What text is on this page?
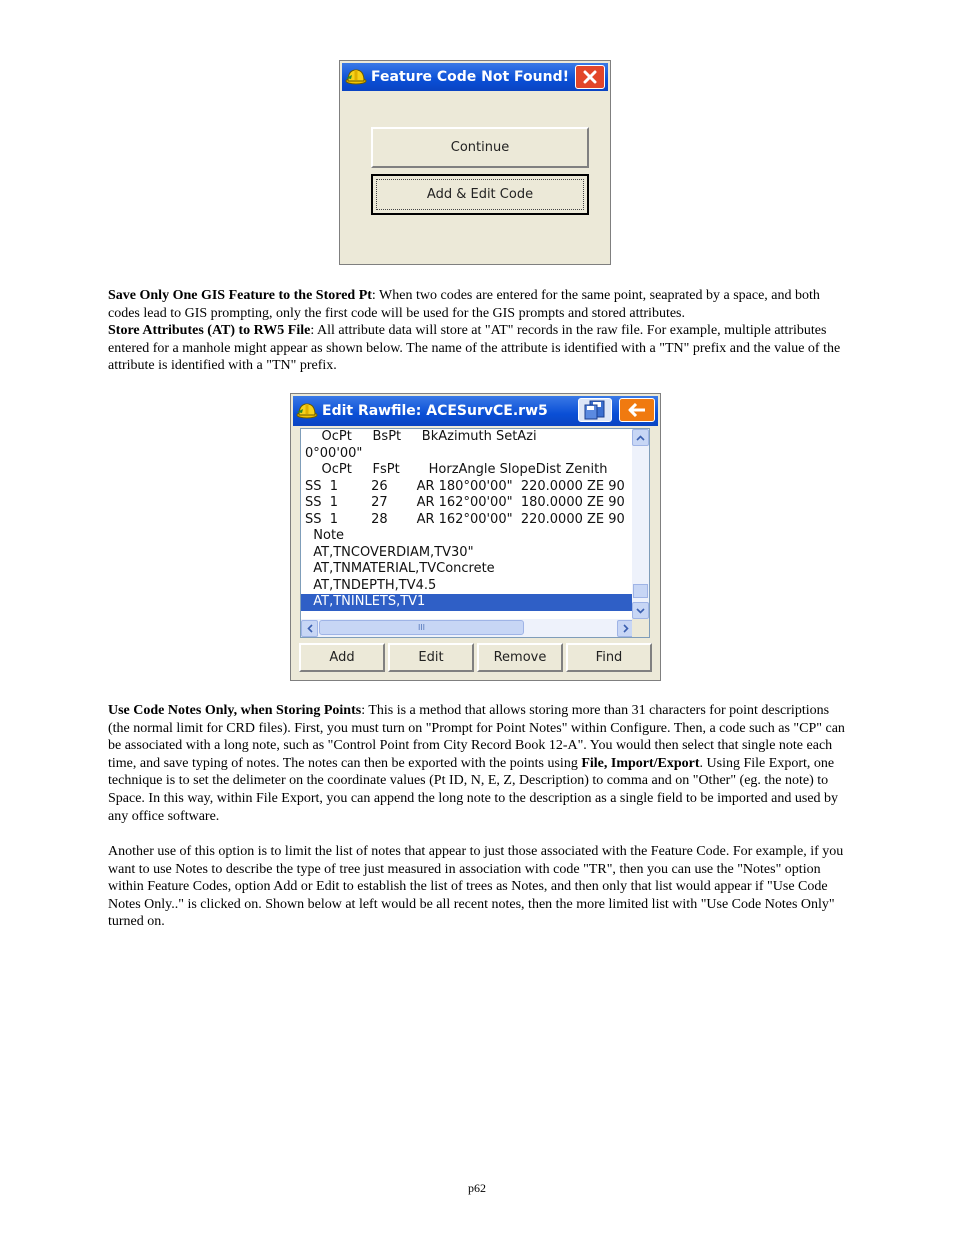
Feature Code Not Found!
Continue
Add & Edit Code

Save Only One GIS Feature to the Stored Pt: When two codes are entered for the same point, seaprated by a space, and both codes lead to GIS prompting, only the first code will be used for the GIS prompts and stored attributes.
Store Attributes (AT) to RW5 File: All attribute data will store at "AT" records in the raw file. For example, multiple attributes entered for a manhole might appear as shown below. The name of the attribute is identified with a "TN" prefix and the value of the attribute is identified with a "TN" prefix.

Edit Rawfile: ACESurvCE.rw5
OcPt     BsPt     BkAzimuth SetAzi
0°00'00"
OcPt     FsPt       HorzAngle SlopeDist Zenith
SS  1        26       AR 180°00'00"  220.0000 ZE 90
SS  1        27       AR 162°00'00"  180.0000 ZE 90
SS  1        28       AR 162°00'00"  220.0000 ZE 90
Note
AT,TNCOVERDIAM,TV30"
AT,TNMATERIAL,TVConcrete
AT,TNDEPTH,TV4.5
AT,TNINLETS,TV1
III
Add	Edit	Remove	Find

Use Code Notes Only, when Storing Points: This is a method that allows storing more than 31 characters for point descriptions (the normal limit for CRD files). First, you must turn on "Prompt for Point Notes" within Configure. Then, a code such as "CP" can be associated with a long note, such as "Control Point from City Record Book 12-A". You would then select that single note each time, and save typing of notes. The notes can then be exported with the points using File, Import/Export. Using File Export, one technique is to set the delimeter on the coordinate values (Pt ID, N, E, Z, Description) to comma and on "Other" (eg. the note) to Space. In this way, within File Export, you can append the long note to the description as a single field to be imported and used by any office software.

Another use of this option is to limit the list of notes that appear to just those associated with the Feature Code. For example, if you want to use Notes to describe the type of tree just measured in association with code "TR", then you can use the "Notes" option within Feature Codes, option Add or Edit to establish the list of trees as Notes, and then only that list would appear if "Use Code Notes Only.." is clicked on. Shown below at left would be all recent notes, then the more limited list with "Use Code Notes Only" turned on.

p62
